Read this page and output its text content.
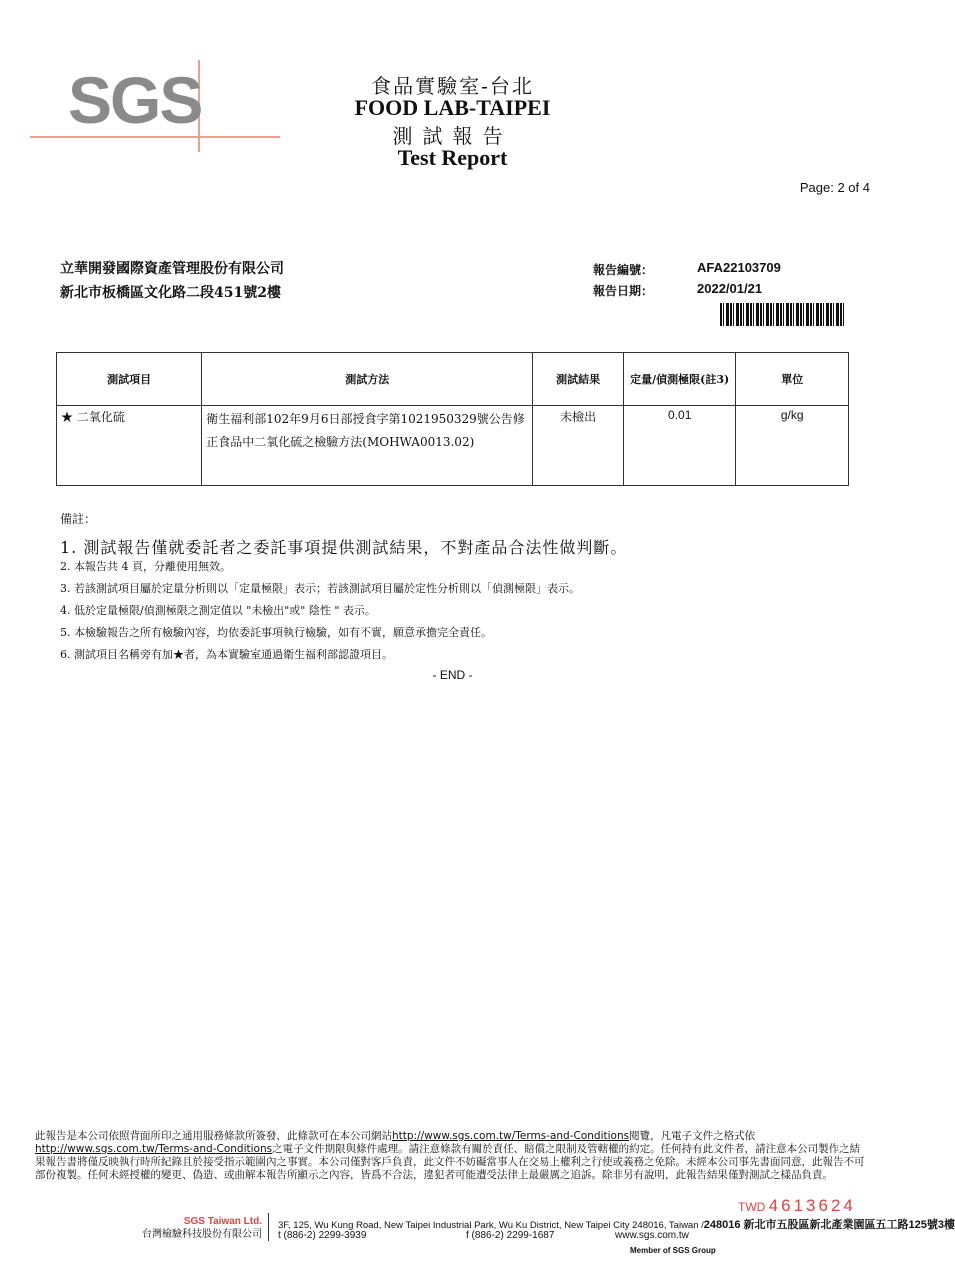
SGS	食品實驗室-台北
FOOD LAB-TAIPEI
測試報告
Test Report
Page: 2 of 4
立華開發國際資產管理股份有限公司
新北市板橋區文化路二段451號2樓
報告編號：	AFA22103709
報告日期：	2022/01/21
測試項目	測試方法	測試結果	定量/偵測極限(註3)	單位
★ 二氧化硫	衛生福利部102年9月6日部授食字第1021950329號公告修正食品中二氧化硫之檢驗方法(MOHWA0013.02)	未檢出	0.01	g/kg
備註：
1. 測試報告僅就委託者之委託事項提供測試結果，不對產品合法性做判斷。
2. 本報告共 4 頁，分離使用無效。
3. 若該測試項目屬於定量分析則以「定量極限」表示；若該測試項目屬於定性分析則以「偵測極限」表示。
4. 低於定量極限/偵測極限之測定值以 "未檢出"或" 陰性 " 表示。
5. 本檢驗報告之所有檢驗內容，均依委託事項執行檢驗，如有不實，願意承擔完全責任。
6. 測試項目名稱旁有加★者，為本實驗室通過衛生福利部認證項目。
- END -
此報告是本公司依照背面所印之通用服務條款所簽發，此條款可在本公司網站http://www.sgs.com.tw/Terms-and-Conditions閱覽，凡電子文件之格式依http://www.sgs.com.tw/Terms-and-Conditions之電子文件期限與條件處理。請注意條款有關於責任、賠償之限制及管轄權的約定。任何持有此文件者，請注意本公司製作之結果報告書將僅反映執行時所紀錄且於接受指示範圍內之事實。本公司僅對客戶負責，此文件不妨礙當事人在交易上權利之行使或義務之免除。未經本公司事先書面同意，此報告不可部份複製。任何未經授權的變更、偽造、或曲解本報告所顯示之內容，皆爲不合法，違犯者可能遭受法律上最嚴厲之追訴。除非另有說明，此報告結果僅對測試之樣品負責。
TWD 4613624
SGS Taiwan Ltd.
台灣檢驗科技股份有限公司
3F, 125, Wu Kung Road, New Taipei Industrial Park, Wu Ku District, New Taipei City 248016, Taiwan /248016 新北市五股區新北產業園區五工路125號3樓
t (886-2) 2299-3939	f (886-2) 2299-1687	www.sgs.com.tw
Member of SGS Group
